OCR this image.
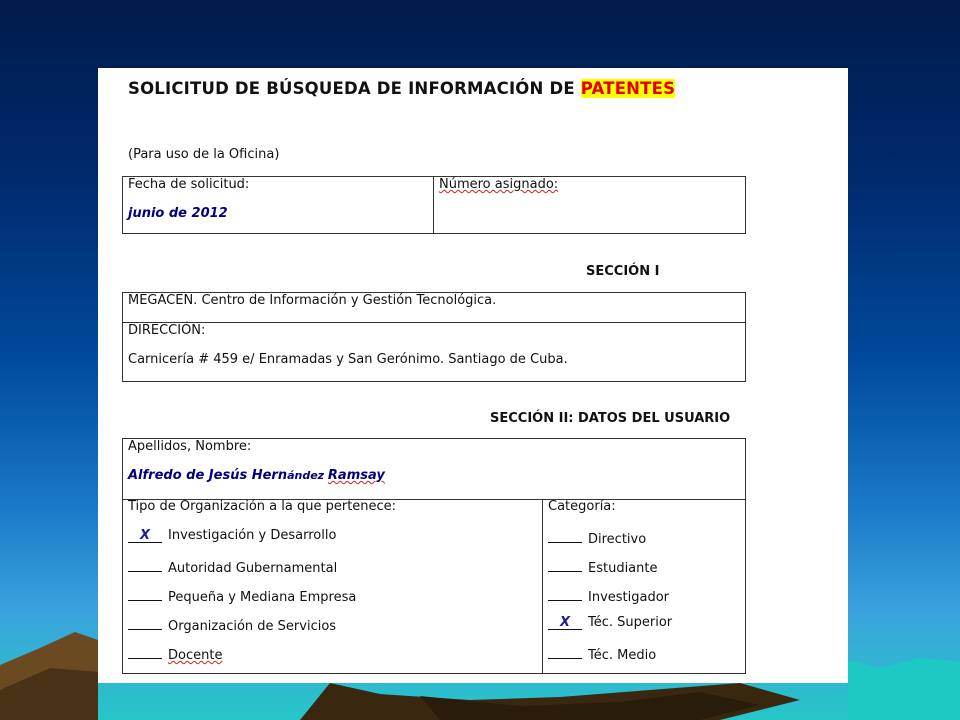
SOLICITUD DE BÚSQUEDA DE INFORMACIÓN DE PATENTES
(Para uso de la Oficina)
Fecha de solicitud:
junio de 2012
Número asignado:
SECCIÓN I
MEGACEN. Centro de Información y Gestión Tecnológica.
DIRECCIÓN:
Carnicería # 459 e/ Enramadas y San Gerónimo. Santiago de Cuba.
SECCIÓN II: DATOS DEL USUARIO
Apellidos, Nombre:
Alfredo de Jesús Hernández Ramsay
Tipo de Organización a la que pertenece:	Categoría:
X Investigación y Desarrollo
Autoridad Gubernamental
Pequeña y Mediana Empresa
Organización de Servicios
Docente
Directivo
Estudiante
Investigador
X Téc. Superior
Téc. Medio
